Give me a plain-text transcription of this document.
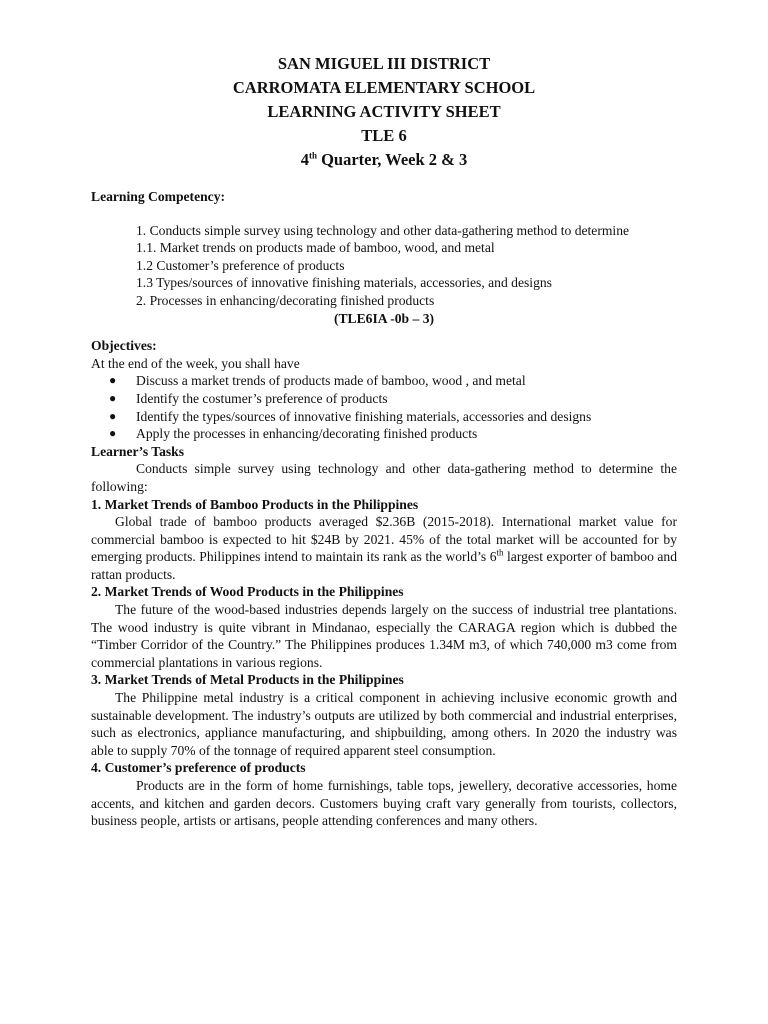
SAN MIGUEL III DISTRICT
CARROMATA ELEMENTARY SCHOOL
LEARNING ACTIVITY SHEET
TLE 6
4th Quarter, Week 2 & 3
Learning Competency:
1. Conducts simple survey using technology and other data-gathering method to determine
1.1. Market trends on products made of bamboo, wood, and metal
1.2 Customer’s preference of products
1.3 Types/sources of innovative finishing materials, accessories, and designs
2. Processes in enhancing/decorating finished products
(TLE6IA -0b – 3)
Objectives:
At the end of the week, you shall have
● Discuss a market trends of products made of bamboo, wood , and metal
● Identify the costumer’s preference of products
● Identify the types/sources of innovative finishing materials, accessories and designs
● Apply the processes in enhancing/decorating finished products
Learner’s Tasks
Conducts simple survey using technology and other data-gathering method to determine the following:
1. Market Trends of Bamboo Products in the Philippines
Global trade of bamboo products averaged $2.36B (2015-2018). International market value for commercial bamboo is expected to hit $24B by 2021. 45% of the total market will be accounted for by emerging products. Philippines intend to maintain its rank as the world’s 6th largest exporter of bamboo and rattan products.
2. Market Trends of Wood Products in the Philippines
The future of the wood-based industries depends largely on the success of industrial tree plantations. The wood industry is quite vibrant in Mindanao, especially the CARAGA region which is dubbed the “Timber Corridor of the Country.” The Philippines produces 1.34M m3, of which 740,000 m3 come from commercial plantations in various regions.
3. Market Trends of Metal Products in the Philippines
The Philippine metal industry is a critical component in achieving inclusive economic growth and sustainable development. The industry’s outputs are utilized by both commercial and industrial enterprises, such as electronics, appliance manufacturing, and shipbuilding, among others. In 2020 the industry was able to supply 70% of the tonnage of required apparent steel consumption.
4. Customer’s preference of products
Products are in the form of home furnishings, table tops, jewellery, decorative accessories, home accents, and kitchen and garden decors. Customers buying craft vary generally from tourists, collectors, business people, artists or artisans, people attending conferences and many others.
